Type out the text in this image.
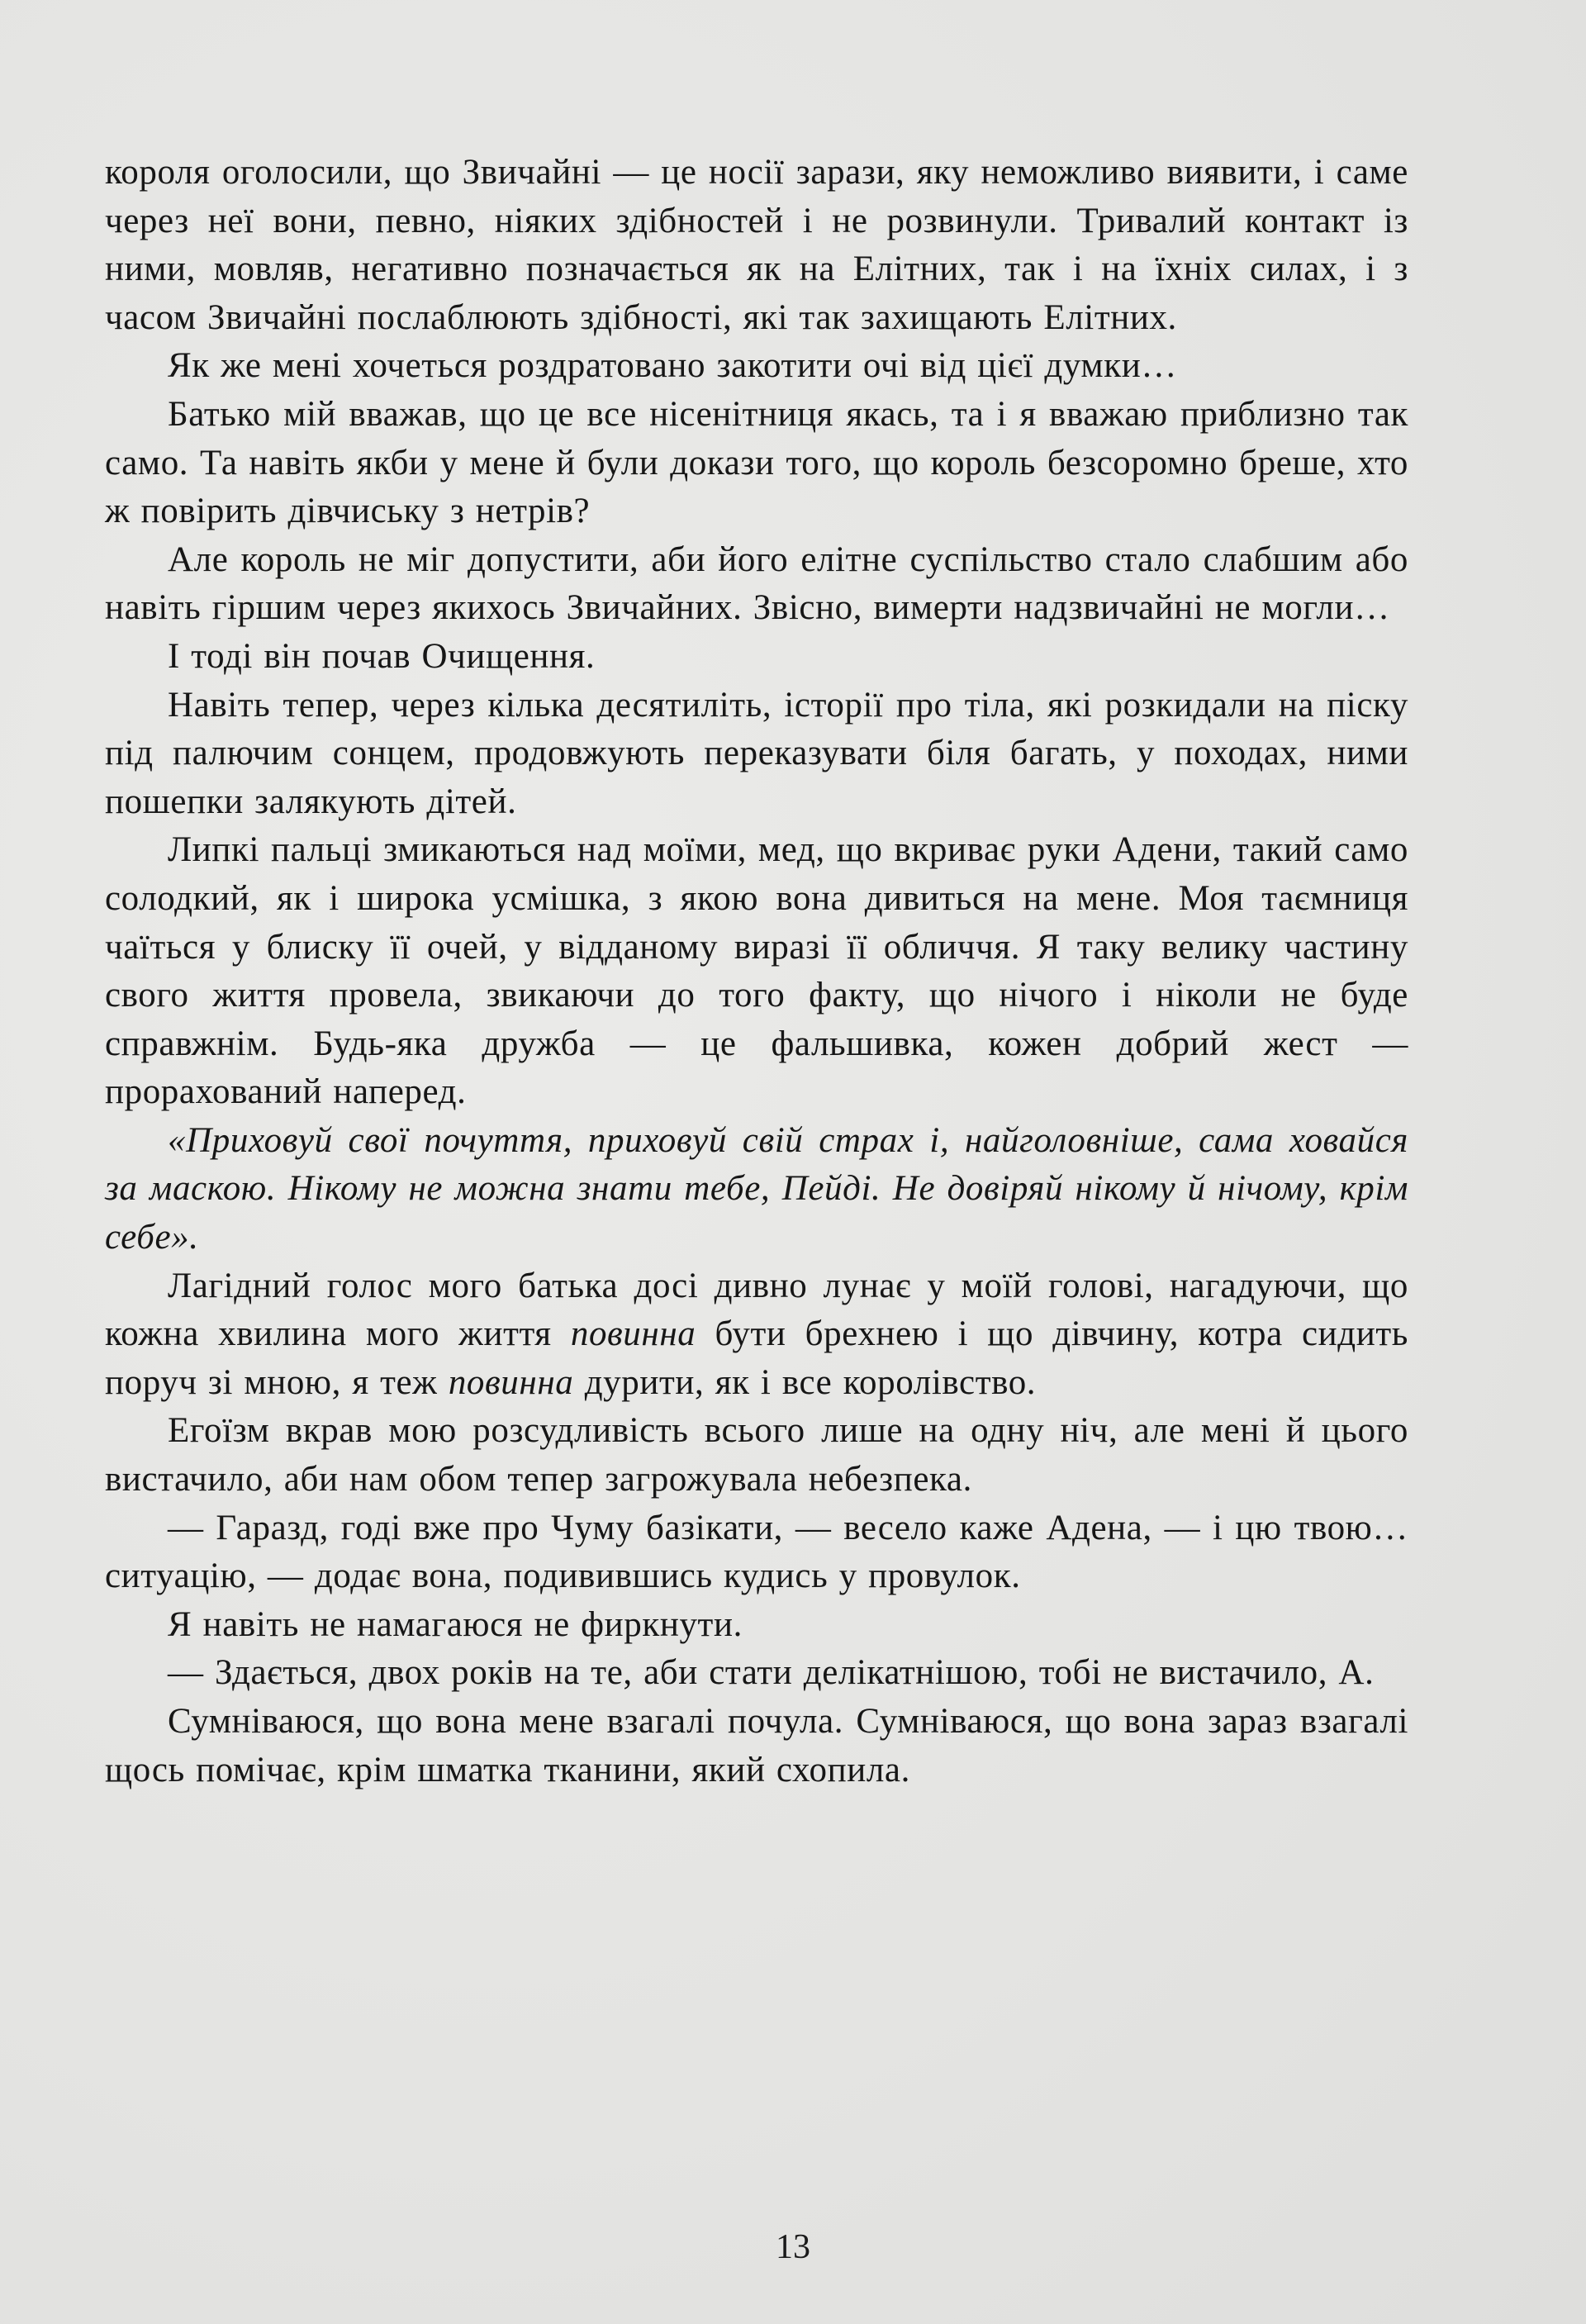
короля оголосили, що Звичайні — це носії зарази, яку неможливо виявити, і саме через неї вони, певно, ніяких здібностей і не розвинули. Тривалий контакт із ними, мовляв, негативно позначається як на Елітних, так і на їхніх силах, і з часом Звичайні послаблюють здібності, які так захищають Елітних.

Як же мені хочеться роздратовано закотити очі від цієї думки…

Батько мій вважав, що це все нісенітниця якась, та і я вважаю приблизно так само. Та навіть якби у мене й були докази того, що король безсоромно бреше, хто ж повірить дівчиську з нетрів?

Але король не міг допустити, аби його елітне суспільство стало слабшим або навіть гіршим через якихось Звичайних. Звісно, вимерти надзвичайні не могли…

І тоді він почав Очищення.

Навіть тепер, через кілька десятиліть, історії про тіла, які розкидали на піску під палючим сонцем, продовжують переказувати біля багать, у походах, ними пошепки залякують дітей.

Липкі пальці змикаються над моїми, мед, що вкриває руки Адени, такий само солодкий, як і широка усмішка, з якою вона дивиться на мене. Моя таємниця чаїться у блиску її очей, у відданому виразі її обличчя. Я таку велику частину свого життя провела, звикаючи до того факту, що нічого і ніколи не буде справжнім. Будь-яка дружба — це фальшивка, кожен добрий жест — прорахований наперед.

«Приховуй свої почуття, приховуй свій страх і, найголовніше, сама ховайся за маскою. Нікому не можна знати тебе, Пейді. Не довіряй нікому й нічому, крім себе».

Лагідний голос мого батька досі дивно лунає у моїй голові, нагадуючи, що кожна хвилина мого життя повинна бути брехнею і що дівчину, котра сидить поруч зі мною, я теж повинна дурити, як і все королівство.

Егоїзм вкрав мою розсудливість всього лише на одну ніч, але мені й цього вистачило, аби нам обом тепер загрожувала небезпека.

— Гаразд, годі вже про Чуму базікати, — весело каже Адена, — і цю твою… ситуацію, — додає вона, подивившись кудись у провулок.

Я навіть не намагаюся не фиркнути.

— Здається, двох років на те, аби стати делікатнішою, тобі не вистачило, А.

Сумніваюся, що вона мене взагалі почула. Сумніваюся, що вона зараз взагалі щось помічає, крім шматка тканини, який схопила.

13
